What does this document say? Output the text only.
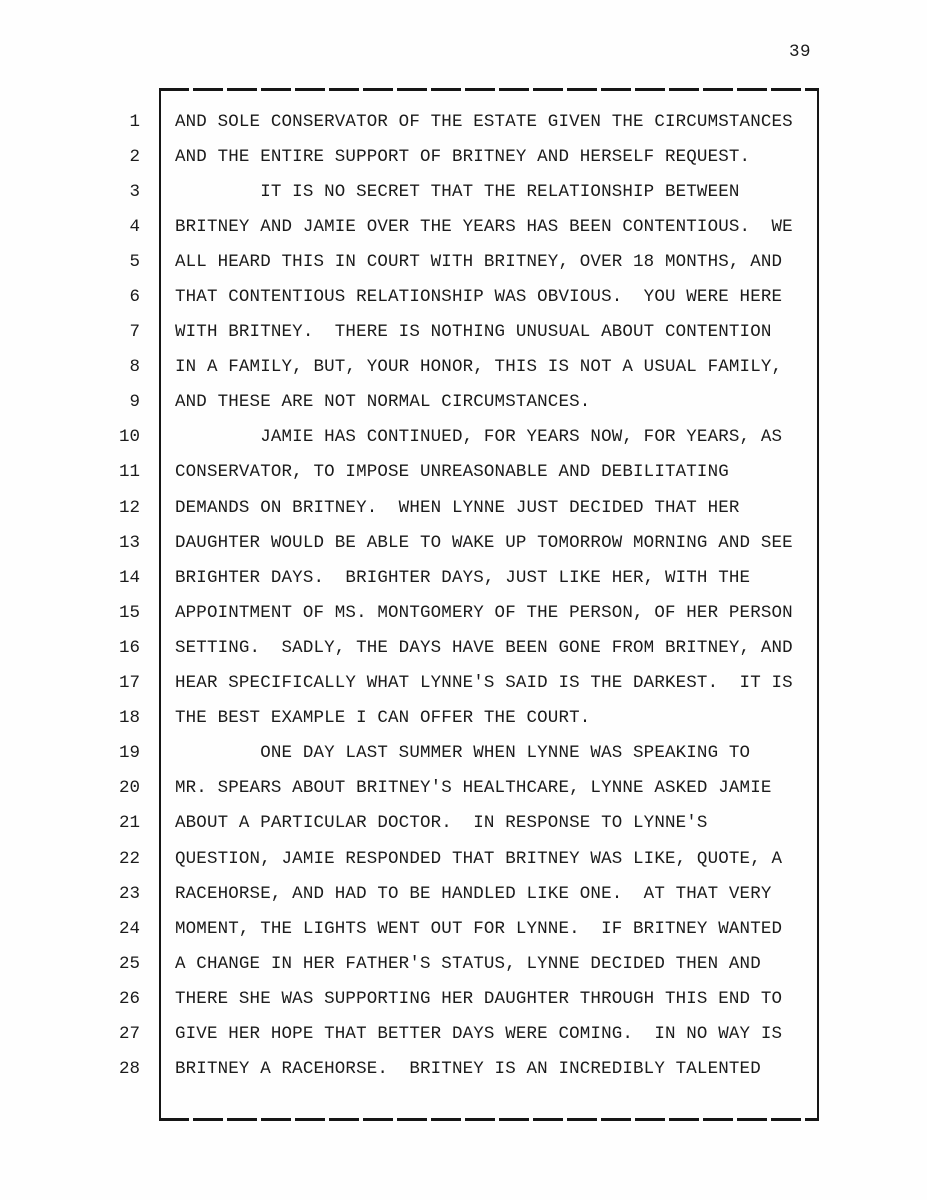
39
1 AND SOLE CONSERVATOR OF THE ESTATE GIVEN THE CIRCUMSTANCES
2 AND THE ENTIRE SUPPORT OF BRITNEY AND HERSELF REQUEST.
3 IT IS NO SECRET THAT THE RELATIONSHIP BETWEEN
4 BRITNEY AND JAMIE OVER THE YEARS HAS BEEN CONTENTIOUS.  WE
5 ALL HEARD THIS IN COURT WITH BRITNEY, OVER 18 MONTHS, AND
6 THAT CONTENTIOUS RELATIONSHIP WAS OBVIOUS.  YOU WERE HERE
7 WITH BRITNEY.  THERE IS NOTHING UNUSUAL ABOUT CONTENTION
8 IN A FAMILY, BUT, YOUR HONOR, THIS IS NOT A USUAL FAMILY,
9 AND THESE ARE NOT NORMAL CIRCUMSTANCES.
10 JAMIE HAS CONTINUED, FOR YEARS NOW, FOR YEARS, AS
11 CONSERVATOR, TO IMPOSE UNREASONABLE AND DEBILITATING
12 DEMANDS ON BRITNEY.  WHEN LYNNE JUST DECIDED THAT HER
13 DAUGHTER WOULD BE ABLE TO WAKE UP TOMORROW MORNING AND SEE
14 BRIGHTER DAYS.  BRIGHTER DAYS, JUST LIKE HER, WITH THE
15 APPOINTMENT OF MS. MONTGOMERY OF THE PERSON, OF HER PERSON
16 SETTING.  SADLY, THE DAYS HAVE BEEN GONE FROM BRITNEY, AND
17 HEAR SPECIFICALLY WHAT LYNNE'S SAID IS THE DARKEST.  IT IS
18 THE BEST EXAMPLE I CAN OFFER THE COURT.
19 ONE DAY LAST SUMMER WHEN LYNNE WAS SPEAKING TO
20 MR. SPEARS ABOUT BRITNEY'S HEALTHCARE, LYNNE ASKED JAMIE
21 ABOUT A PARTICULAR DOCTOR.  IN RESPONSE TO LYNNE'S
22 QUESTION, JAMIE RESPONDED THAT BRITNEY WAS LIKE, QUOTE, A
23 RACEHORSE, AND HAD TO BE HANDLED LIKE ONE.  AT THAT VERY
24 MOMENT, THE LIGHTS WENT OUT FOR LYNNE.  IF BRITNEY WANTED
25 A CHANGE IN HER FATHER'S STATUS, LYNNE DECIDED THEN AND
26 THERE SHE WAS SUPPORTING HER DAUGHTER THROUGH THIS END TO
27 GIVE HER HOPE THAT BETTER DAYS WERE COMING.  IN NO WAY IS
28 BRITNEY A RACEHORSE.  BRITNEY IS AN INCREDIBLY TALENTED
